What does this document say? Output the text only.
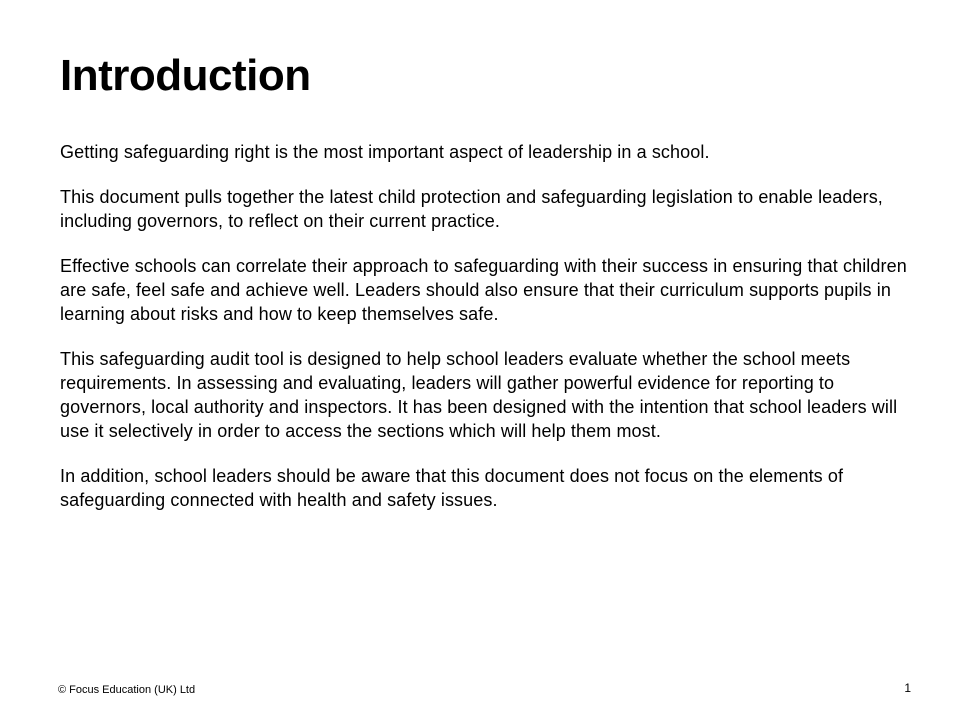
Introduction

Getting safeguarding right is the most important aspect of leadership in a school.

This document pulls together the latest child protection and safeguarding legislation to enable leaders, including governors, to reflect on their current practice.

Effective schools can correlate their approach to safeguarding with their success in ensuring that children are safe, feel safe and achieve well. Leaders should also ensure that their curriculum supports pupils in learning about risks and how to keep themselves safe.

This safeguarding audit tool is designed to help school leaders evaluate whether the school meets requirements. In assessing and evaluating, leaders will gather powerful evidence for reporting to governors, local authority and inspectors. It has been designed with the intention that school leaders will use it selectively in order to access the sections which will help them most.

In addition, school leaders should be aware that this document does not focus on the elements of safeguarding connected with health and safety issues.

© Focus Education (UK) Ltd	1
